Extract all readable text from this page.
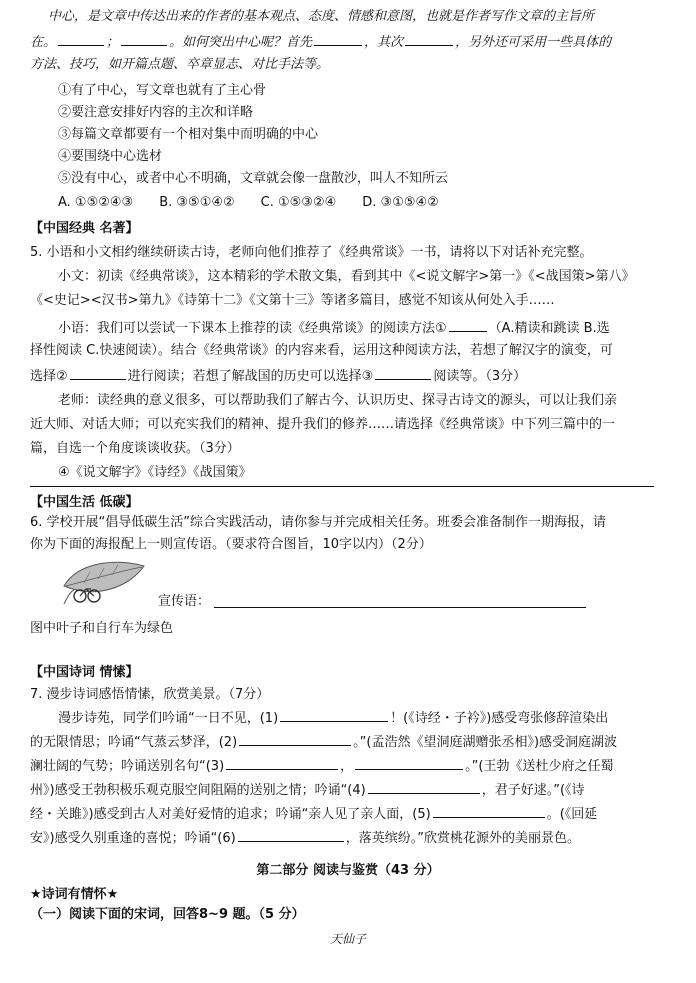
中心，是文章中传达出来的作者的基本观点、态度、情感和意图，也就是作者写作文章的主旨所
在。	；	。如何突出中心呢？首先	，其次	，另外还可采用一些具体的
方法、技巧，如开篇点题、卒章显志、对比手法等。
①有了中心，写文章也就有了主心骨
②要注意安排好内容的主次和详略
③每篇文章都要有一个相对集中而明确的中心
④要围绕中心选材
⑤没有中心，或者中心不明确，文章就会像一盘散沙，叫人不知所云
A. ①⑤②④③　　B. ③⑤①④②　　C. ①⑤③②④　　D. ③①⑤④②
【中国经典 名著】
5. 小语和小文相约继续研读古诗，老师向他们推荐了《经典常谈》一书，请将以下对话补充完整。
小文：初读《经典常谈》，这本精彩的学术散文集，看到其中《<说文解字>第一》《<战国策>第八》
《<史记><汉书>第九》《诗第十二》《文第十三》等诸多篇目，感觉不知该从何处入手……
小语：我们可以尝试一下课本上推荐的读《经典常谈》的阅读方法①	（A.精读和跳读 B.选
择性阅读 C.快速阅读）。结合《经典常谈》的内容来看，运用这种阅读方法，若想了解汉字的演变，可
选择②	进行阅读；若想了解战国的历史可以选择③	阅读等。（3分）
老师：读经典的意义很多，可以帮助我们了解古今、认识历史、探寻古诗文的源头，可以让我们亲
近大师、对话大师；可以充实我们的精神、提升我们的修养……请选择《经典常谈》中下列三篇中的一
篇，自选一个角度谈谈收获。（3分）
④《说文解字》《诗经》《战国策》
【中国生活 低碳】
6. 学校开展“倡导低碳生活”综合实践活动，请你参与并完成相关任务。班委会准备制作一期海报，请
你为下面的海报配上一则宣传语。（要求符合图旨，10字以内）（2分）
宣传语：
图中叶子和自行车为绿色
【中国诗词 情愫】
7. 漫步诗词感悟情愫，欣赏美景。（7分）
漫步诗苑，同学们吟诵“一日不见，(1)	！(《诗经・子衿》)感受弯张修辞渲染出
的无限情思；吟诵“气蒸云梦泽，(2)	。”(孟浩然《望洞庭湖赠张丞相》)感受洞庭湖波
澜壮阔的气势；吟诵送别名句“(3)	，	。”(王勃《送杜少府之任蜀
州》)感受王勃积极乐观克服空间阻隔的送别之情；吟诵“(4)	，君子好逑。”(《诗
经・关雎》)感受到古人对美好爱情的追求；吟诵“亲人见了亲人面，(5)	。(《回延
安》)感受久别重逢的喜悦；吟诵“(6)	，落英缤纷。”欣赏桃花源外的美丽景色。
第二部分 阅读与鉴赏（43 分）
★诗词有情怀★
（一）阅读下面的宋词，回答8~9 题。（5 分）
天仙子
